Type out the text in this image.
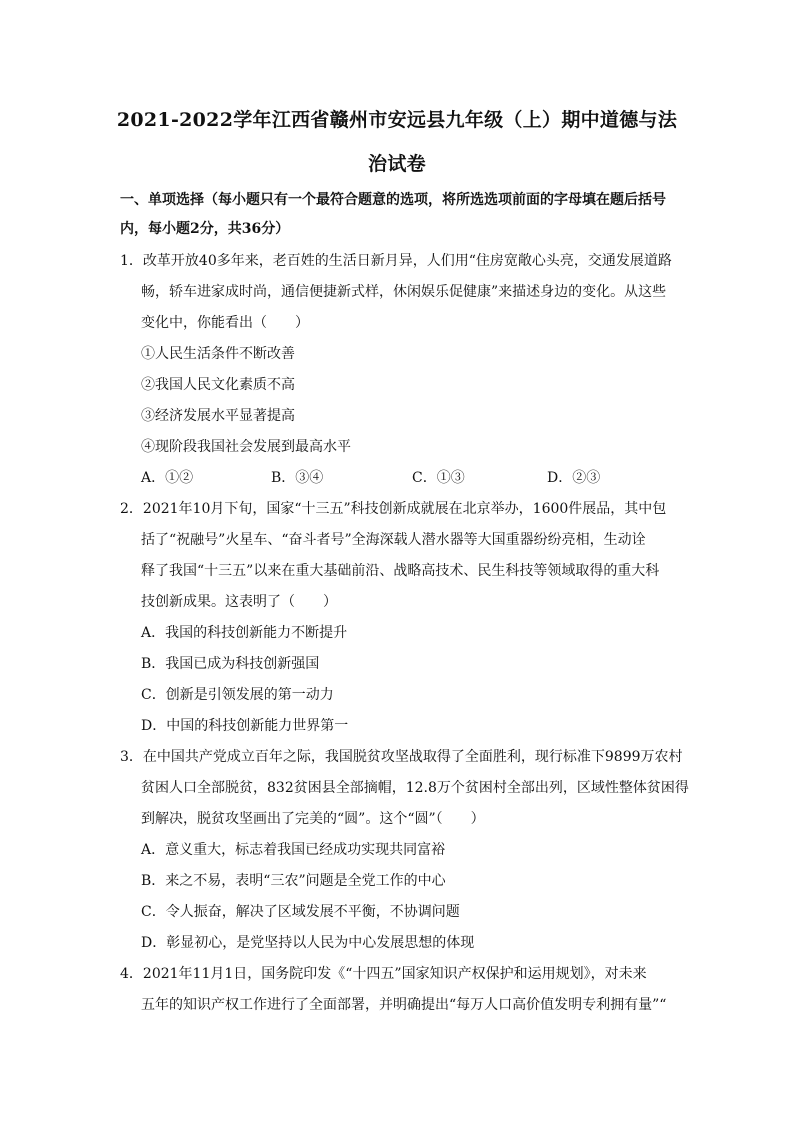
2021-2022学年江西省赣州市安远县九年级（上）期中道德与法
治试卷
一、单项选择（每小题只有一个最符合题意的选项，将所选选项前面的字母填在题后括号
内，每小题2分，共36分）
1．改革开放40多年来，老百姓的生活日新月异，人们用“住房宽敞心头亮，交通发展道路
畅，轿车进家成时尚，通信便捷新式样，休闲娱乐促健康”来描述身边的变化。从这些
变化中，你能看出（　　）
①人民生活条件不断改善
②我国人民文化素质不高
③经济发展水平显著提高
④现阶段我国社会发展到最高水平
A．①②	B．③④	C．①③	D．②③
2．2021年10月下旬，国家“十三五”科技创新成就展在北京举办，1600件展品，其中包
括了“祝融号”火星车、“奋斗者号”全海深载人潜水器等大国重器纷纷亮相，生动诠
释了我国“十三五”以来在重大基础前沿、战略高技术、民生科技等领域取得的重大科
技创新成果。这表明了（　　）
A．我国的科技创新能力不断提升
B．我国已成为科技创新强国
C．创新是引领发展的第一动力
D．中国的科技创新能力世界第一
3．在中国共产党成立百年之际，我国脱贫攻坚战取得了全面胜利，现行标准下9899万农村
贫困人口全部脱贫，832贫困县全部摘帽，12.8万个贫困村全部出列，区域性整体贫困得
到解决，脱贫攻坚画出了完美的“圆”。这个“圆”（　　）
A．意义重大，标志着我国已经成功实现共同富裕
B．来之不易，表明“三农”问题是全党工作的中心
C．令人振奋，解决了区域发展不平衡，不协调问题
D．彰显初心，是党坚持以人民为中心发展思想的体现
4．2021年11月1日，国务院印发《“十四五”国家知识产权保护和运用规划》，对未来
五年的知识产权工作进行了全面部署，并明确提出“每万人口高价值发明专利拥有量”“
